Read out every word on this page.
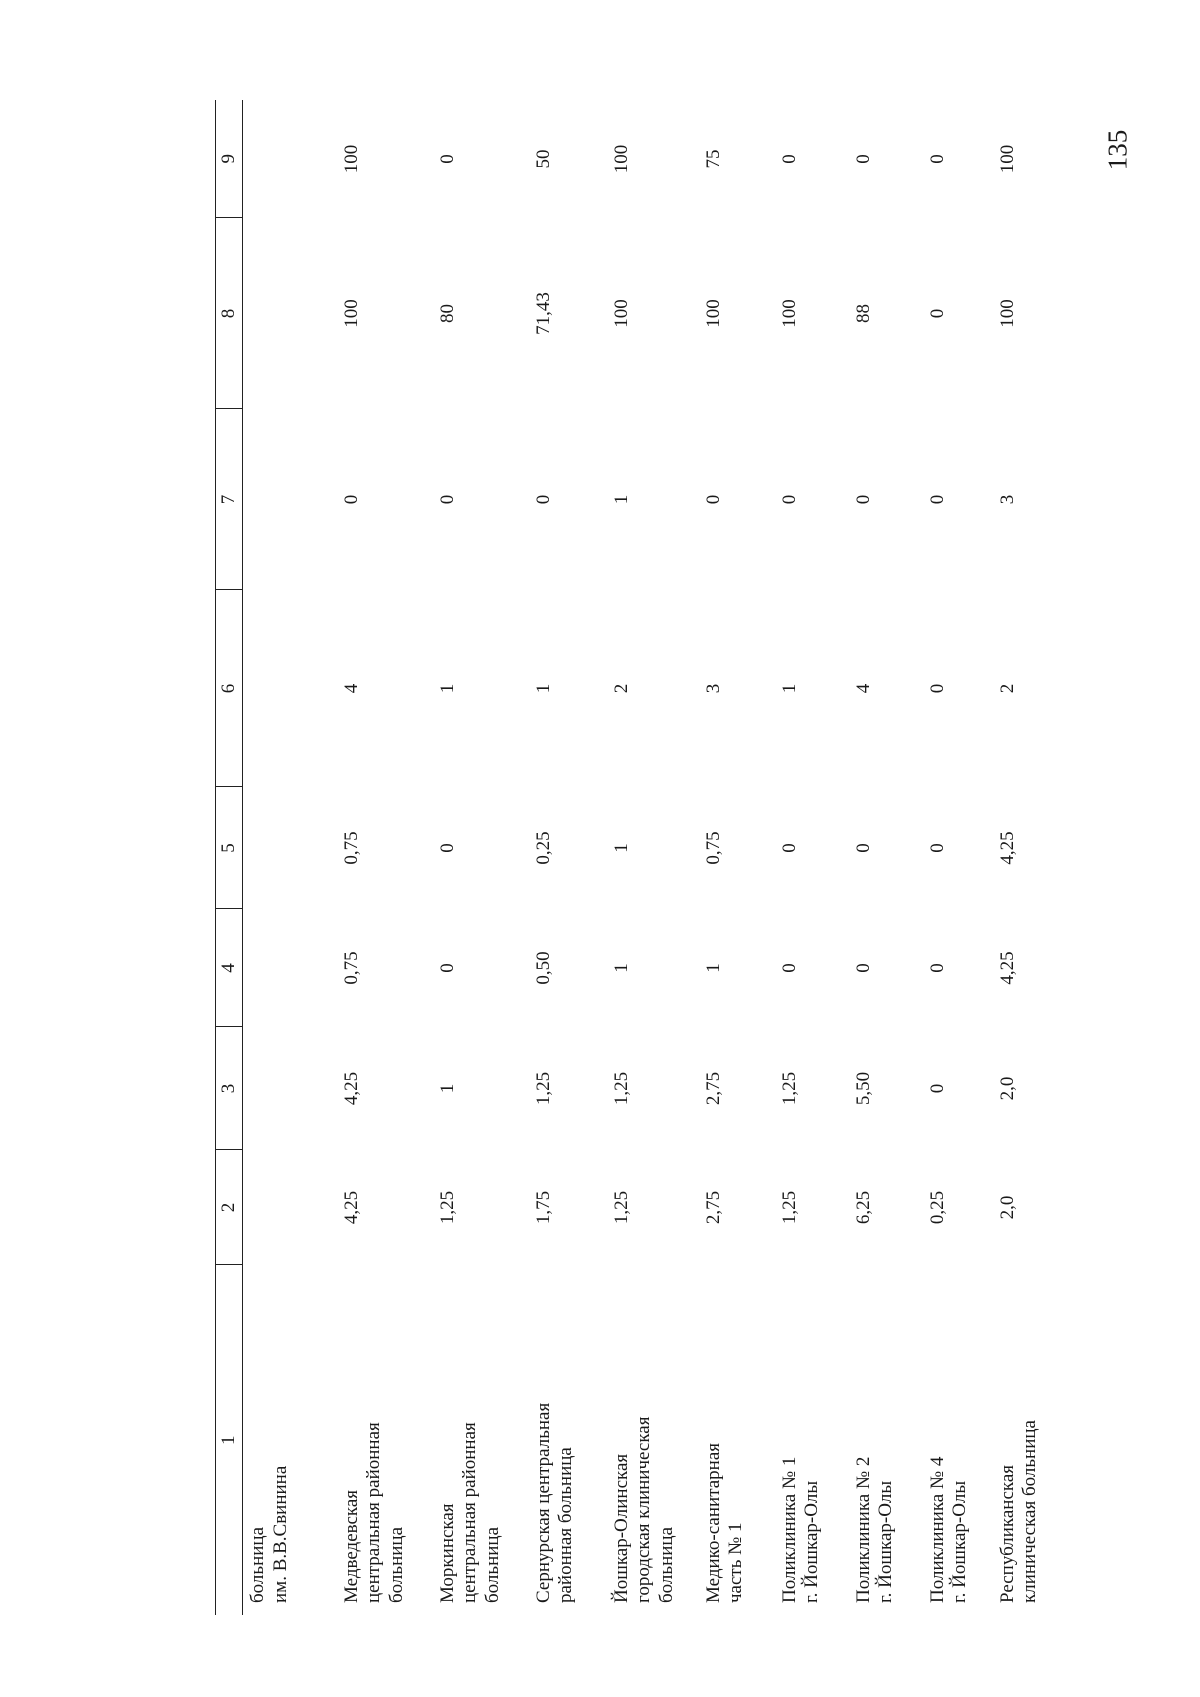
135
1	2	3	4	5	6	7	8	9

больница им. В.В.Свинина								

Медведевская центральная районная больница	4,25	4,25	0,75	0,75	4	0	100	100

Моркинская центральная районная больница	1,25	1	0	0	1	0	80	0

Сернурская центральная районная больница	1,75	1,25	0,50	0,25	1	0	71,43	50

Йошкар-Олинская городская клиническая больница	1,25	1,25	1	1	2	1	100	100

Медико-санитарная часть № 1	2,75	2,75	1	0,75	3	0	100	75

Поликлиника № 1 г. Йошкар-Олы	1,25	1,25	0	0	1	0	100	0

Поликлиника № 2 г. Йошкар-Олы	6,25	5,50	0	0	4	0	88	0

Поликлиника № 4 г. Йошкар-Олы	0,25	0	0	0	0	0	0	0

Республиканская клиническая больница	2,0	2,0	4,25	4,25	2	3	100	100
